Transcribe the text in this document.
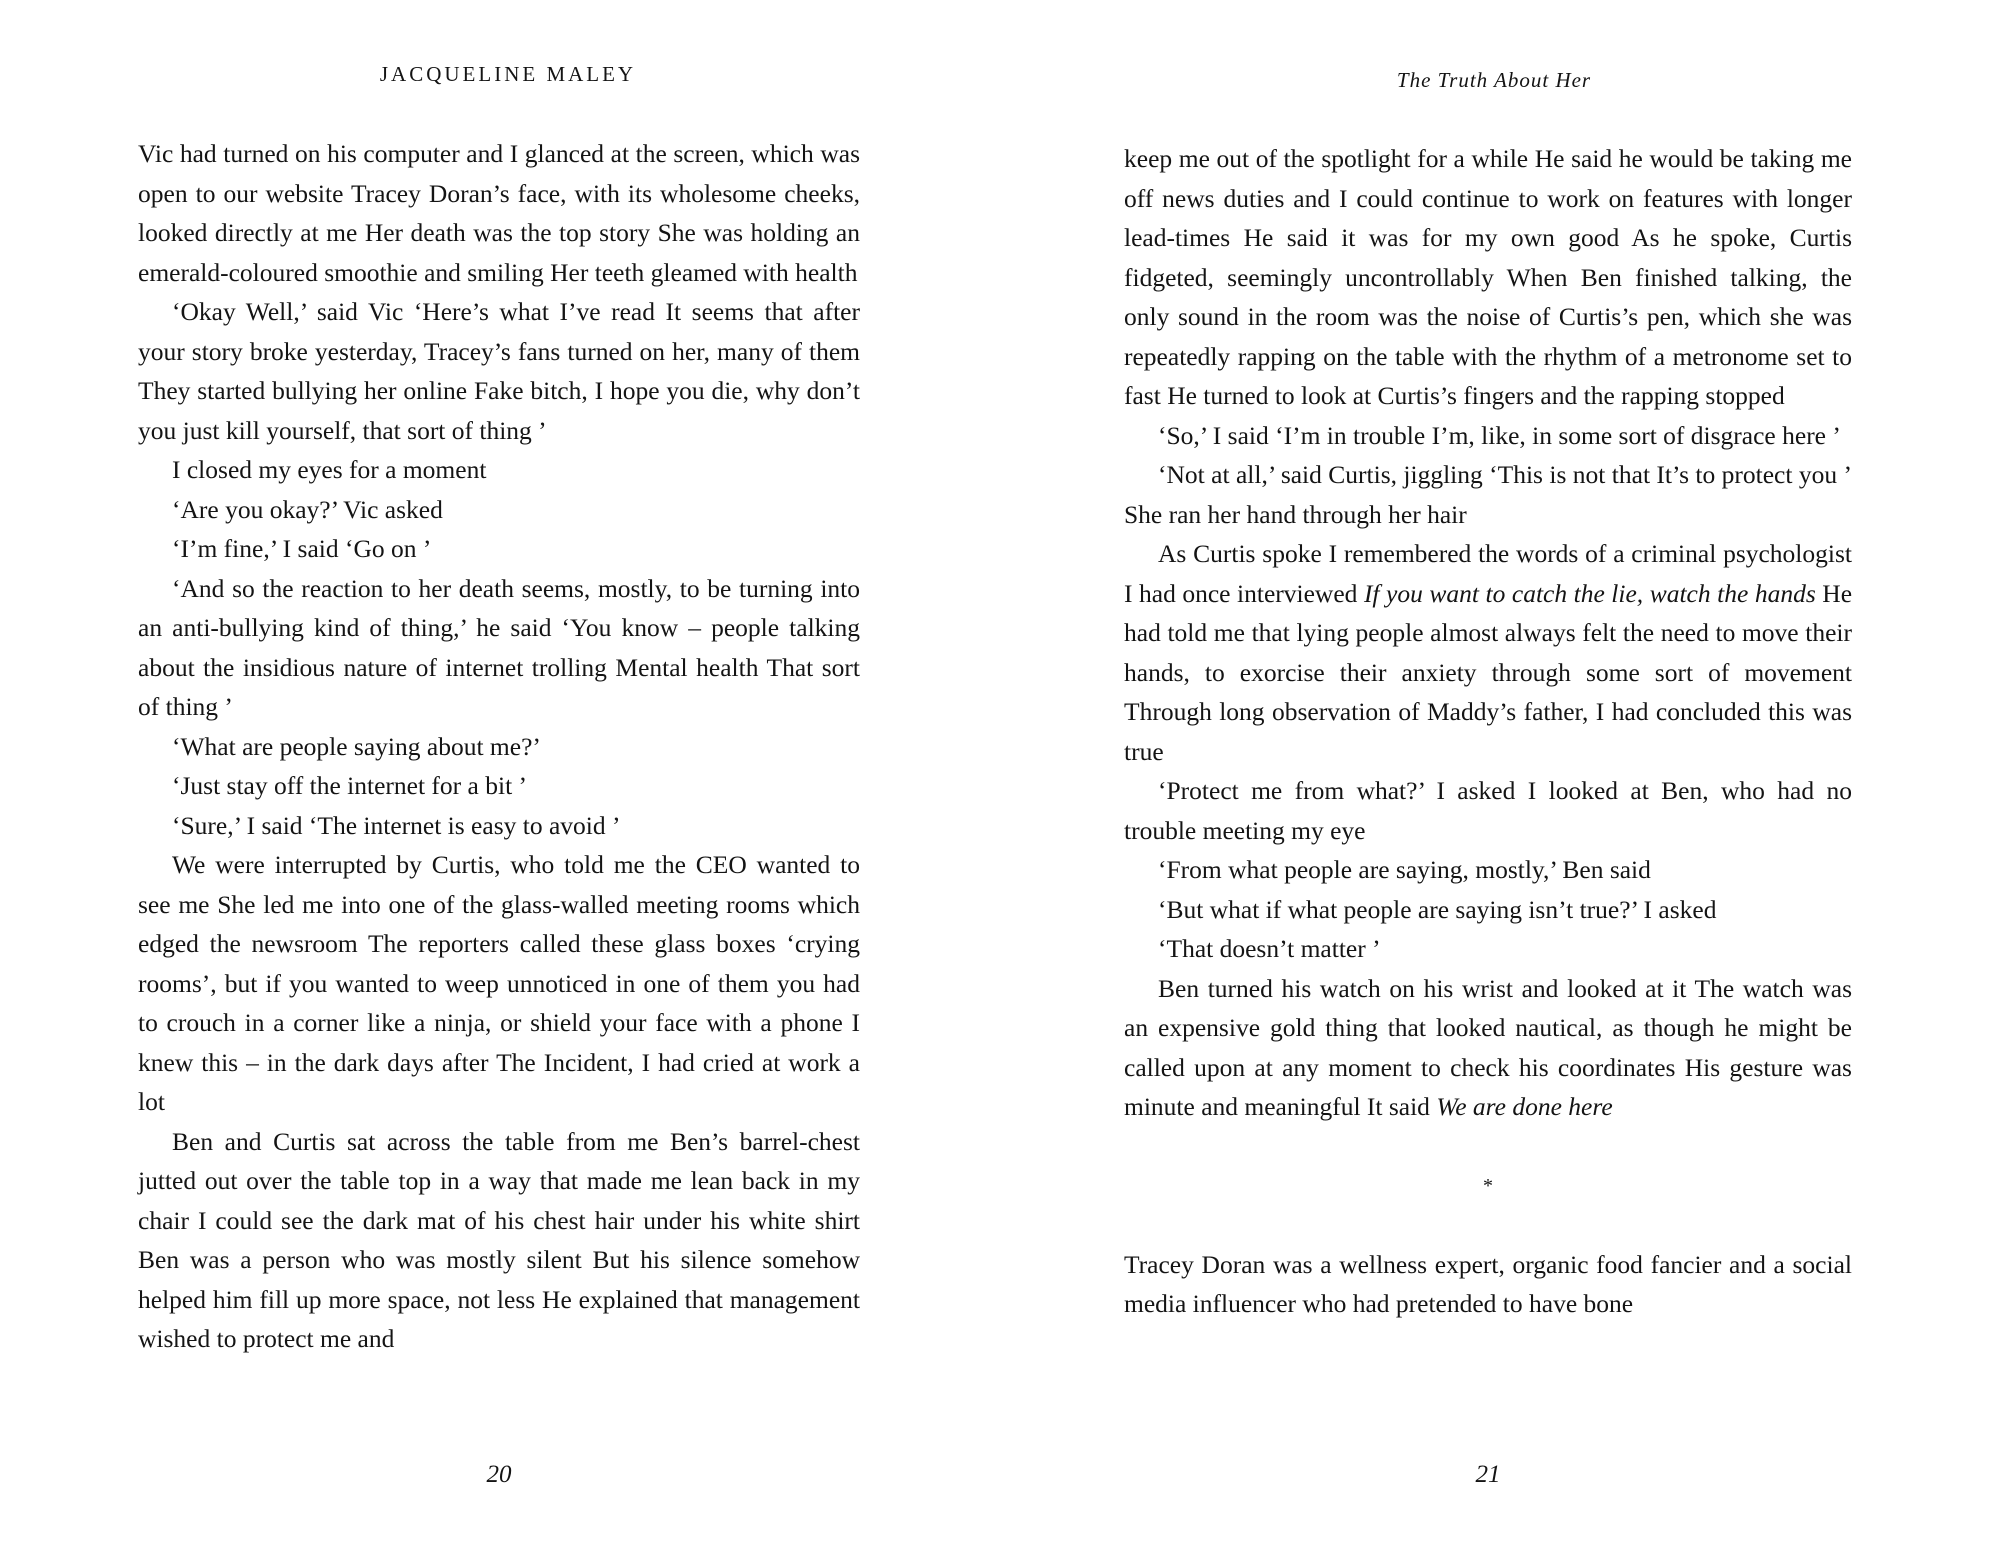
JACQUELINE MALEY

Vic had turned on his computer and I glanced at the screen, which was open to our website Tracey Doran’s face, with its wholesome cheeks, looked directly at me Her death was the top story She was holding an emerald-coloured smoothie and smiling Her teeth gleamed with health

‘Okay Well,’ said Vic ‘Here’s what I’ve read It seems that after your story broke yesterday, Tracey’s fans turned on her, many of them They started bullying her online Fake bitch, I hope you die, why don’t you just kill yourself, that sort of thing ’

I closed my eyes for a moment

‘Are you okay?’ Vic asked

‘I’m fine,’ I said ‘Go on ’

‘And so the reaction to her death seems, mostly, to be turning into an anti-bullying kind of thing,’ he said ‘You know – people talking about the insidious nature of internet trolling Mental health That sort of thing ’

‘What are people saying about me?’

‘Just stay off the internet for a bit ’

‘Sure,’ I said ‘The internet is easy to avoid ’

We were interrupted by Curtis, who told me the CEO wanted to see me She led me into one of the glass-walled meeting rooms which edged the newsroom The reporters called these glass boxes ‘crying rooms’, but if you wanted to weep unnoticed in one of them you had to crouch in a corner like a ninja, or shield your face with a phone I knew this – in the dark days after The Incident, I had cried at work a lot

Ben and Curtis sat across the table from me Ben’s barrel-chest jutted out over the table top in a way that made me lean back in my chair I could see the dark mat of his chest hair under his white shirt Ben was a person who was mostly silent But his silence somehow helped him fill up more space, not less He explained that management wished to protect me and

20
The Truth About Her

keep me out of the spotlight for a while He said he would be taking me off news duties and I could continue to work on features with longer lead-times He said it was for my own good As he spoke, Curtis fidgeted, seemingly uncontrollably When Ben finished talking, the only sound in the room was the noise of Curtis’s pen, which she was repeatedly rapping on the table with the rhythm of a metronome set to fast He turned to look at Curtis’s fingers and the rapping stopped

‘So,’ I said ‘I’m in trouble I’m, like, in some sort of disgrace here ’

‘Not at all,’ said Curtis, jiggling ‘This is not that It’s to protect you ’ She ran her hand through her hair

As Curtis spoke I remembered the words of a criminal psychologist I had once interviewed If you want to catch the lie, watch the hands He had told me that lying people almost always felt the need to move their hands, to exorcise their anxiety through some sort of movement Through long observation of Maddy’s father, I had concluded this was true

‘Protect me from what?’ I asked I looked at Ben, who had no trouble meeting my eye

‘From what people are saying, mostly,’ Ben said

‘But what if what people are saying isn’t true?’ I asked

‘That doesn’t matter ’

Ben turned his watch on his wrist and looked at it The watch was an expensive gold thing that looked nautical, as though he might be called upon at any moment to check his coordinates His gesture was minute and meaningful It said We are done here

*

Tracey Doran was a wellness expert, organic food fancier and a social media influencer who had pretended to have bone

21
